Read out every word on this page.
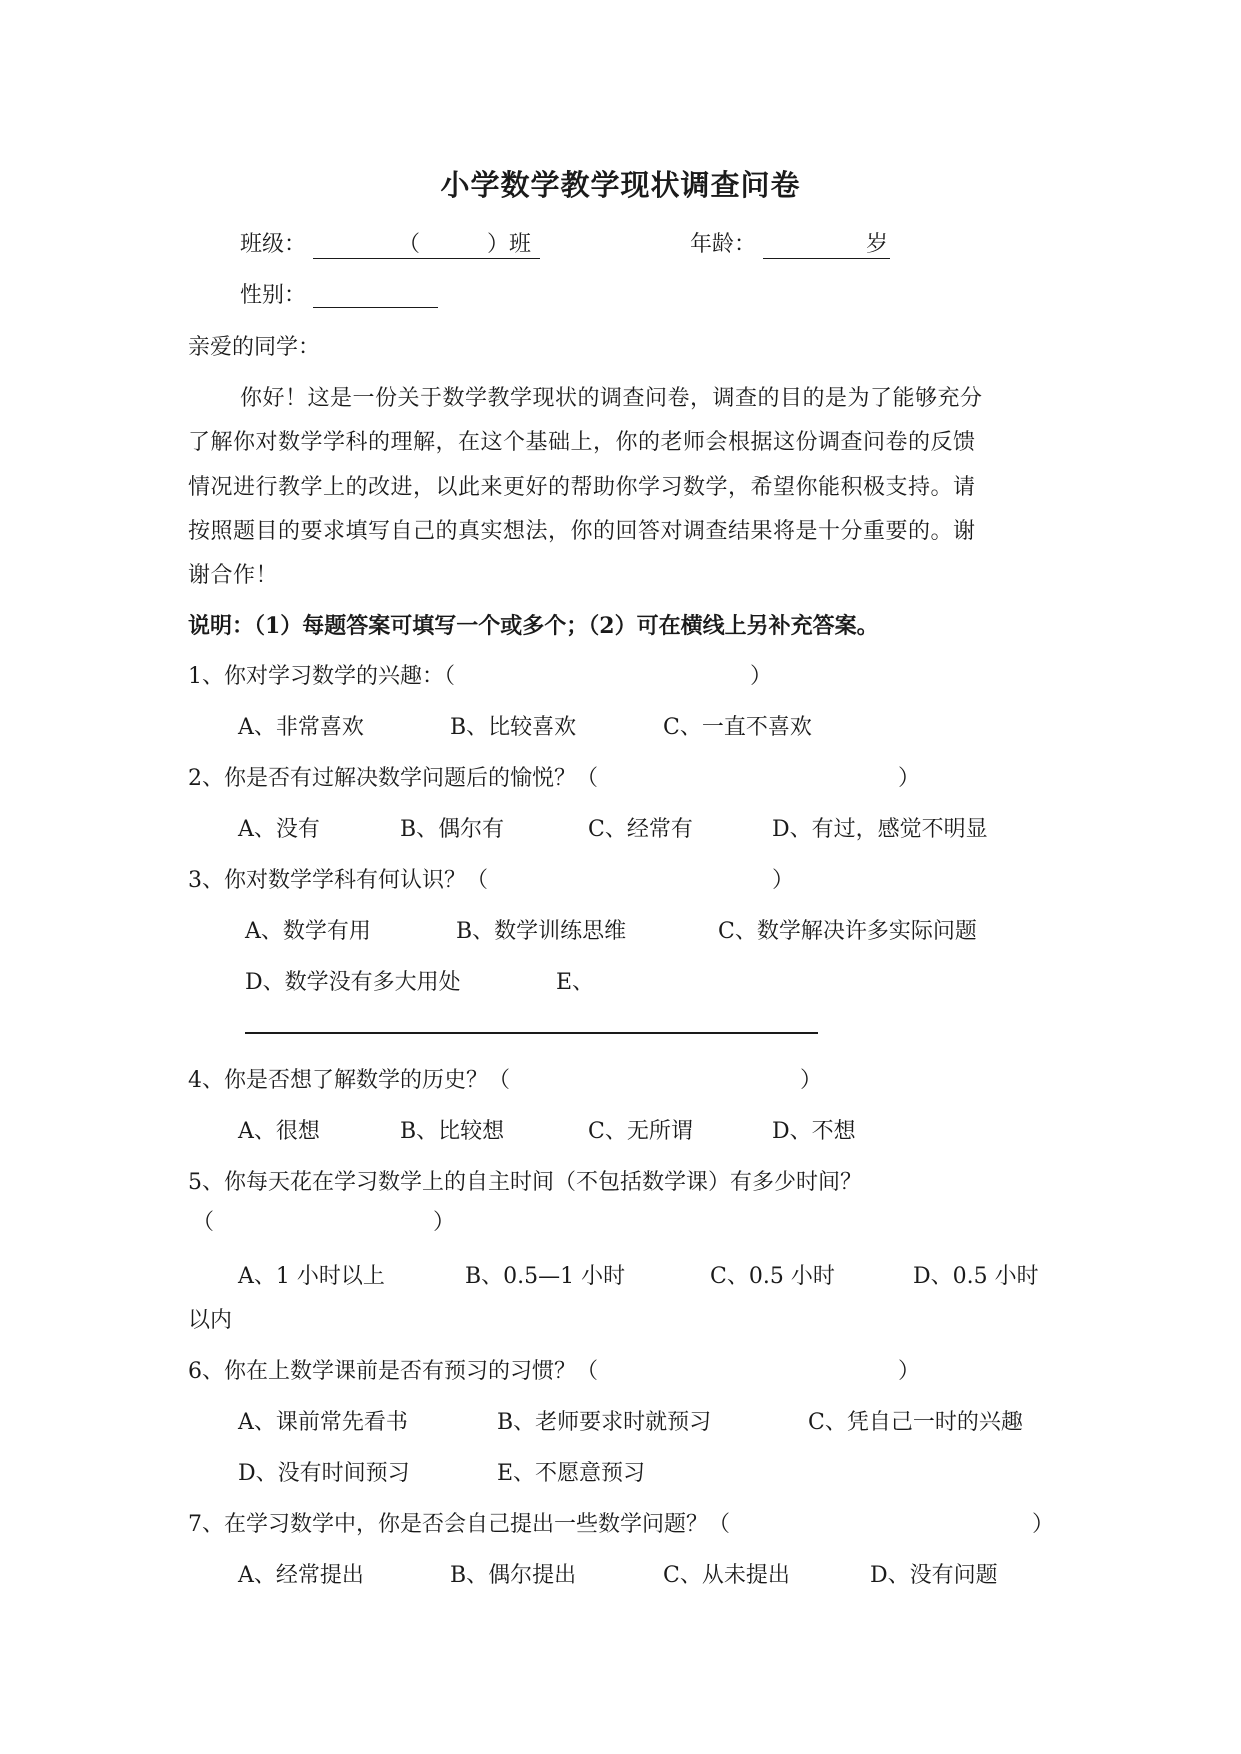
小学数学教学现状调查问卷
班级：	（	）班	年龄：	岁
性别：
亲爱的同学：
你好！这是一份关于数学教学现状的调查问卷，调查的目的是为了能够充分
了解你对数学学科的理解，在这个基础上，你的老师会根据这份调查问卷的反馈
情况进行教学上的改进，以此来更好的帮助你学习数学，希望你能积极支持。请
按照题目的要求填写自己的真实想法，你的回答对调查结果将是十分重要的。谢
谢合作！
说明：（1）每题答案可填写一个或多个；（2）可在横线上另补充答案。
1、你对学习数学的兴趣：（	）
A、非常喜欢	B、比较喜欢	C、一直不喜欢
2、你是否有过解决数学问题后的愉悦？（	）
A、没有	B、偶尔有	C、经常有	D、有过，感觉不明显
3、你对数学学科有何认识？（	）
A、数学有用	B、数学训练思维	C、数学解决许多实际问题
D、数学没有多大用处	E、
4、你是否想了解数学的历史？（	）
A、很想	B、比较想	C、无所谓	D、不想
5、你每天花在学习数学上的自主时间（不包括数学课）有多少时间？
（	）
A、1 小时以上	B、0.5—1 小时	C、0.5 小时	D、0.5 小时
以内
6、你在上数学课前是否有预习的习惯？（	）
A、课前常先看书	B、老师要求时就预习	C、凭自己一时的兴趣
D、没有时间预习	E、不愿意预习
7、在学习数学中，你是否会自己提出一些数学问题？（	）
A、经常提出	B、偶尔提出	C、从未提出	D、没有问题
